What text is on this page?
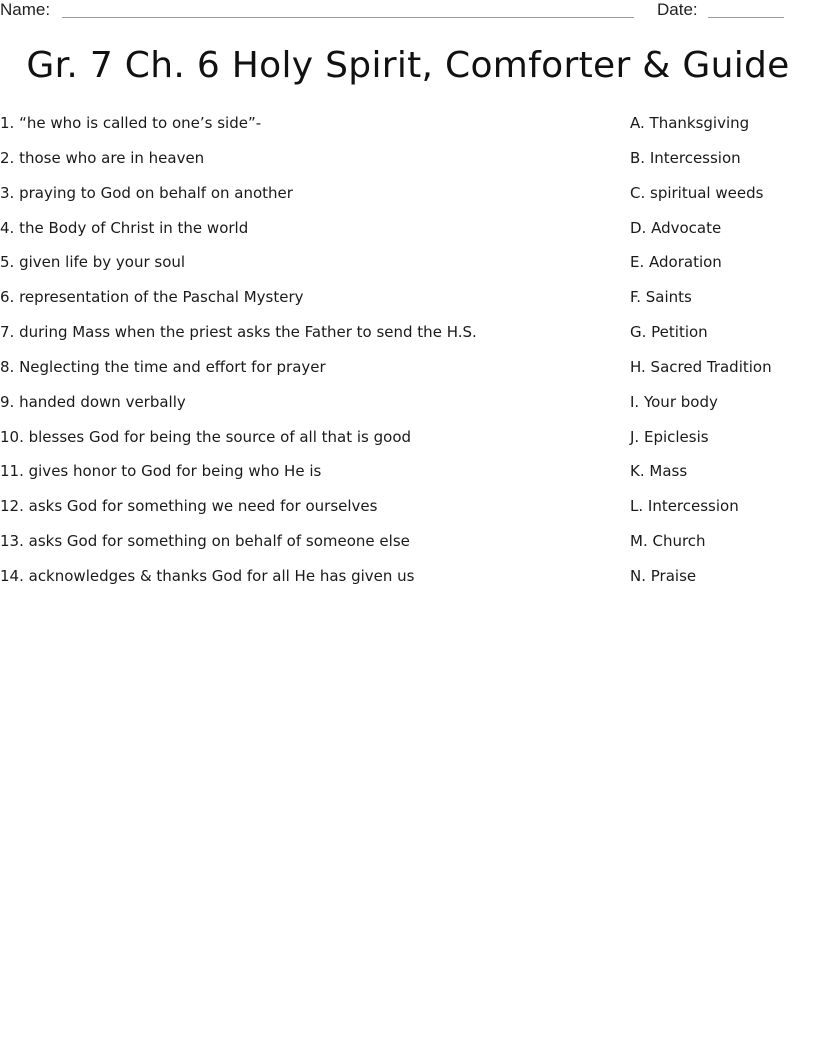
Name:	Date:
Gr. 7 Ch. 6 Holy Spirit, Comforter & Guide
1. “he who is called to one’s side”-
2. those who are in heaven
3. praying to God on behalf on another
4. the Body of Christ in the world
5. given life by your soul
6. representation of the Paschal Mystery
7. during Mass when the priest asks the Father to send the H.S.
8. Neglecting the time and effort for prayer
9. handed down verbally
10. blesses God for being the source of all that is good
11. gives honor to God for being who He is
12. asks God for something we need for ourselves
13. asks God for something on behalf of someone else
14. acknowledges & thanks God for all He has given us
A. Thanksgiving
B. Intercession
C. spiritual weeds
D. Advocate
E. Adoration
F. Saints
G. Petition
H. Sacred Tradition
I. Your body
J. Epiclesis
K. Mass
L. Intercession
M. Church
N. Praise
